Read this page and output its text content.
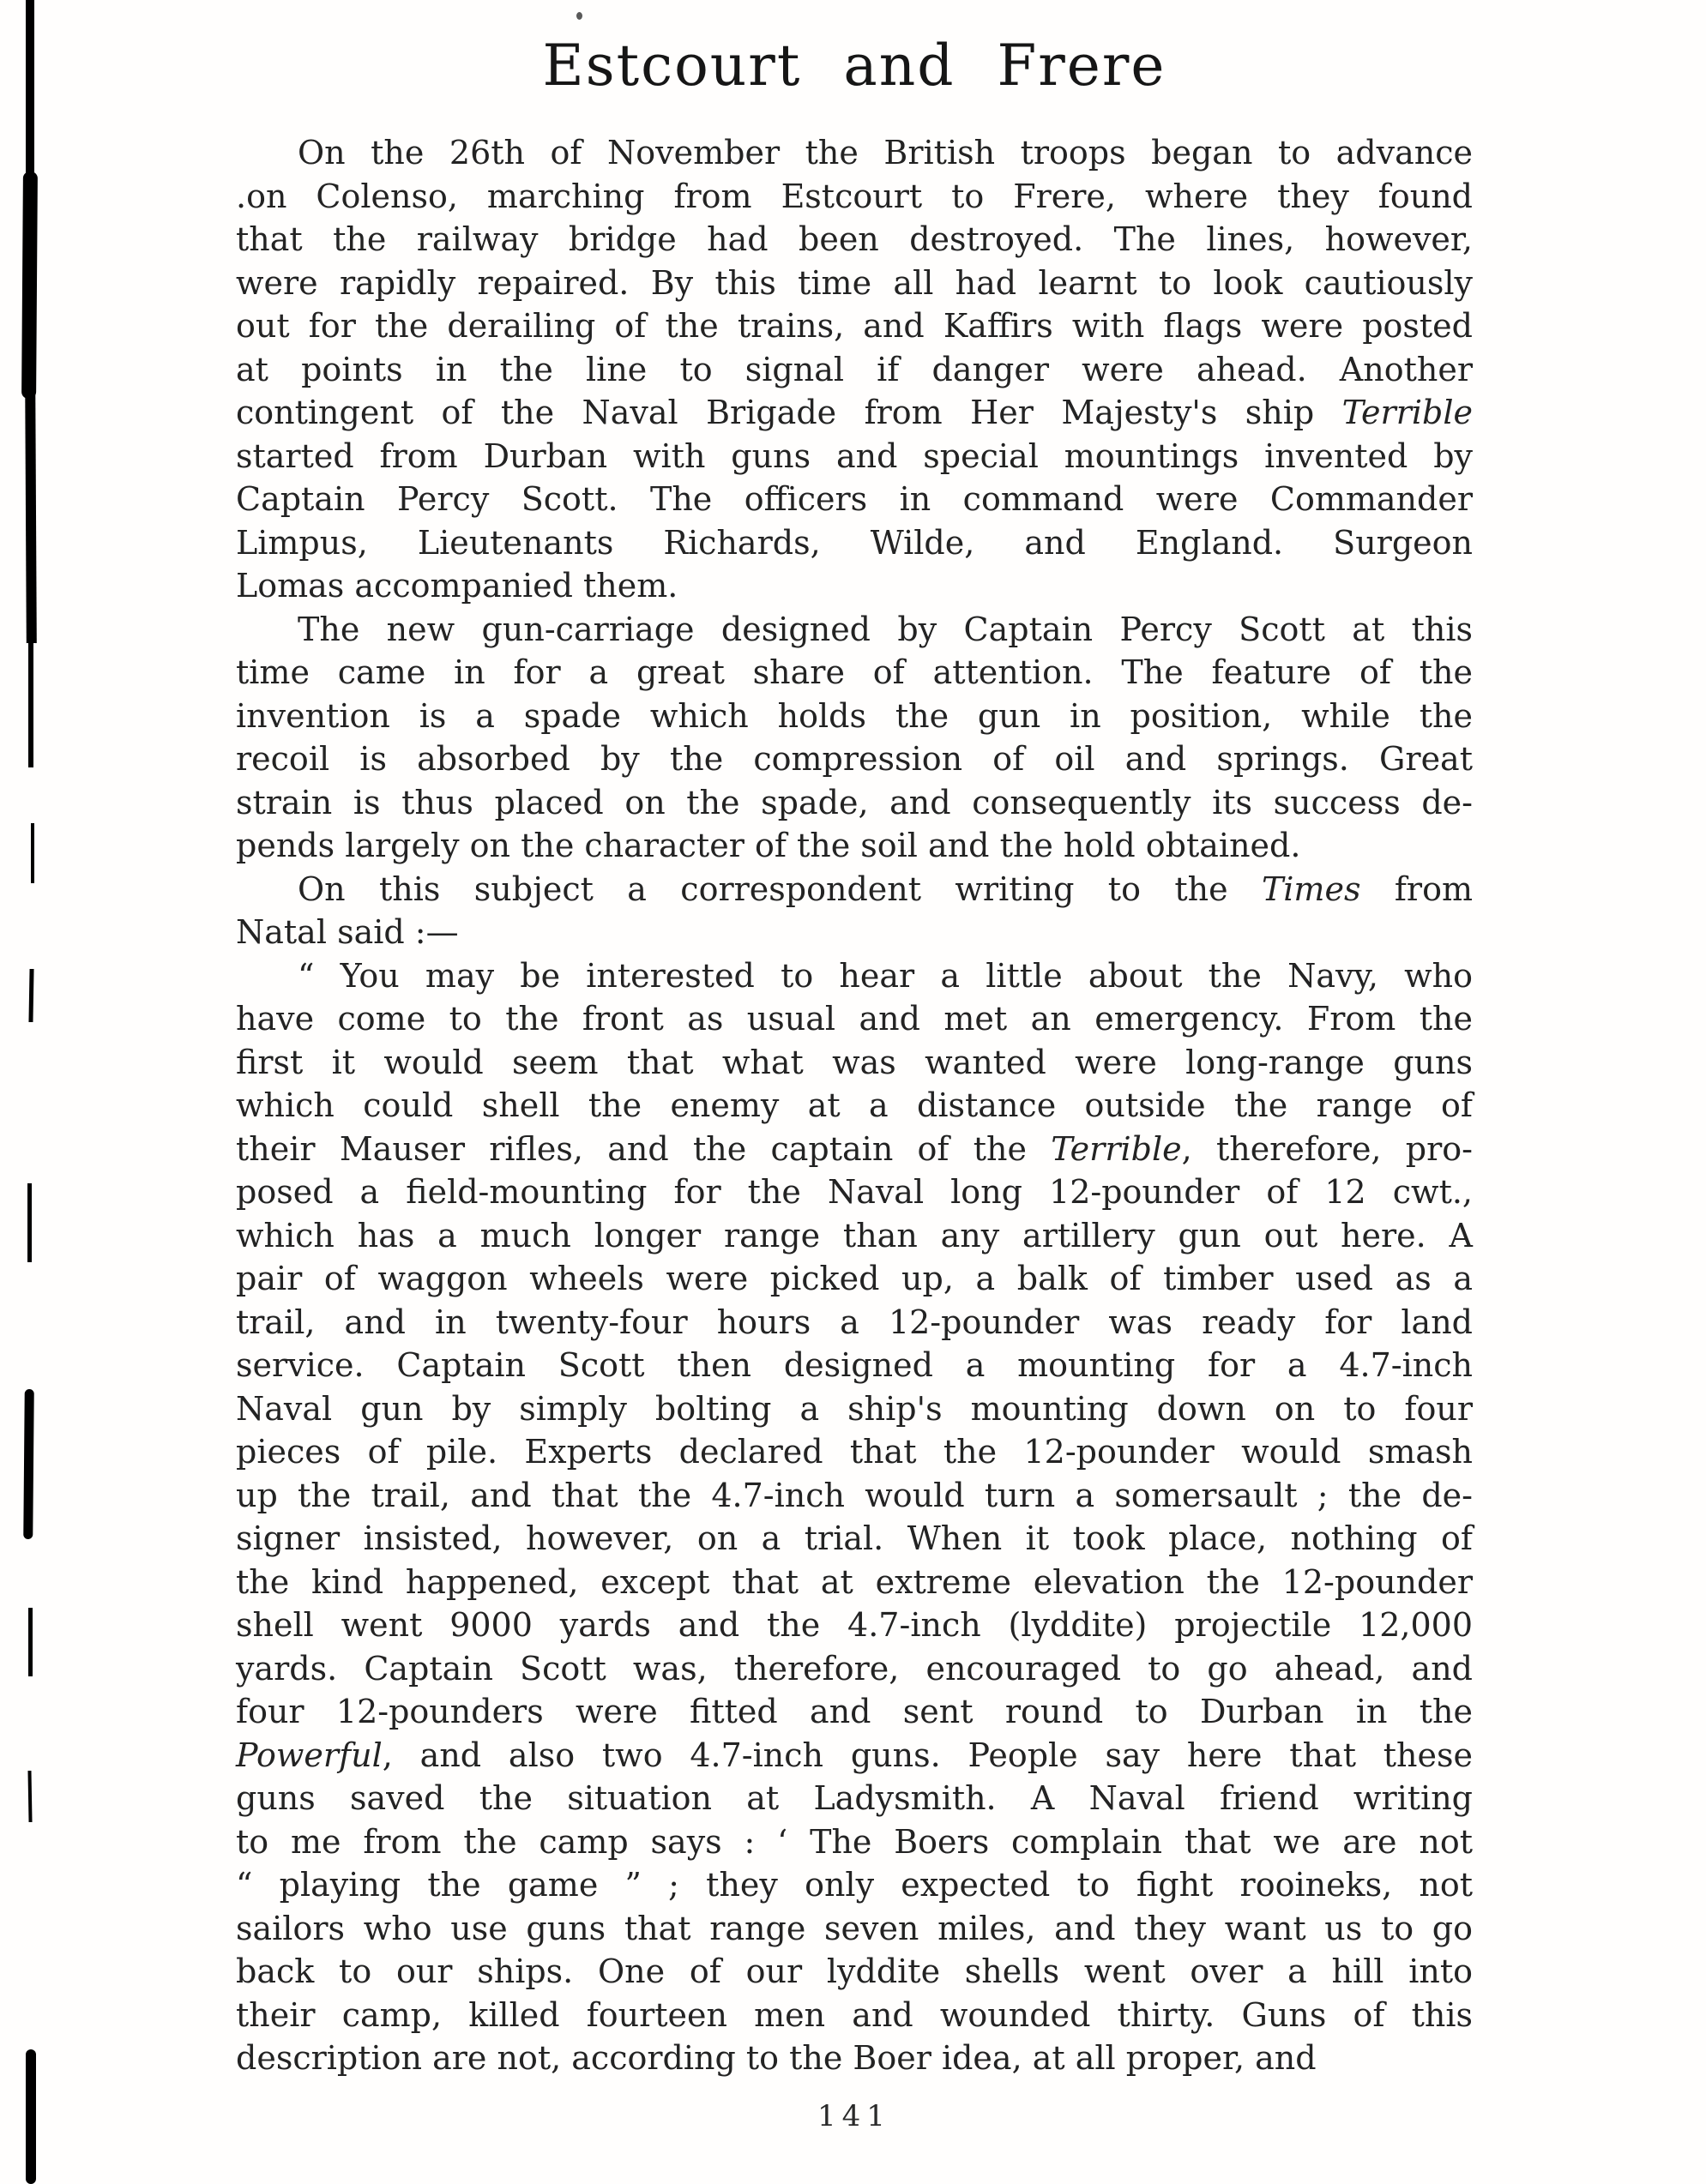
Estcourt and Frere
On the 26th of November the British troops began to advance
.on Colenso, marching from Estcourt to Frere, where they found
that the railway bridge had been destroyed. The lines, however,
were rapidly repaired. By this time all had learnt to look cautiously
out for the derailing of the trains, and Kaffirs with flags were posted
at points in the line to signal if danger were ahead. Another
contingent of the Naval Brigade from Her Majesty's ship Terrible
started from Durban with guns and special mountings invented by
Captain Percy Scott. The officers in command were Commander
Limpus, Lieutenants Richards, Wilde, and England. Surgeon
Lomas accompanied them.
The new gun-carriage designed by Captain Percy Scott at this
time came in for a great share of attention. The feature of the
invention is a spade which holds the gun in position, while the
recoil is absorbed by the compression of oil and springs. Great
strain is thus placed on the spade, and consequently its success de-
pends largely on the character of the soil and the hold obtained.
On this subject a correspondent writing to the Times from
Natal said :—
“ You may be interested to hear a little about the Navy, who
have come to the front as usual and met an emergency. From the
first it would seem that what was wanted were long-range guns
which could shell the enemy at a distance outside the range of
their Mauser rifles, and the captain of the Terrible, therefore, pro-
posed a field-mounting for the Naval long 12-pounder of 12 cwt.,
which has a much longer range than any artillery gun out here. A
pair of waggon wheels were picked up, a balk of timber used as a
trail, and in twenty-four hours a 12-pounder was ready for land
service. Captain Scott then designed a mounting for a 4.7-inch
Naval gun by simply bolting a ship's mounting down on to four
pieces of pile. Experts declared that the 12-pounder would smash
up the trail, and that the 4.7-inch would turn a somersault ; the de-
signer insisted, however, on a trial. When it took place, nothing of
the kind happened, except that at extreme elevation the 12-pounder
shell went 9000 yards and the 4.7-inch (lyddite) projectile 12,000
yards. Captain Scott was, therefore, encouraged to go ahead, and
four 12-pounders were fitted and sent round to Durban in the
Powerful, and also two 4.7-inch guns. People say here that these
guns saved the situation at Ladysmith. A Naval friend writing
to me from the camp says : ‘ The Boers complain that we are not
“ playing the game ” ; they only expected to fight rooineks, not
sailors who use guns that range seven miles, and they want us to go
back to our ships. One of our lyddite shells went over a hill into
their camp, killed fourteen men and wounded thirty. Guns of this
description are not, according to the Boer idea, at all proper, and
141
